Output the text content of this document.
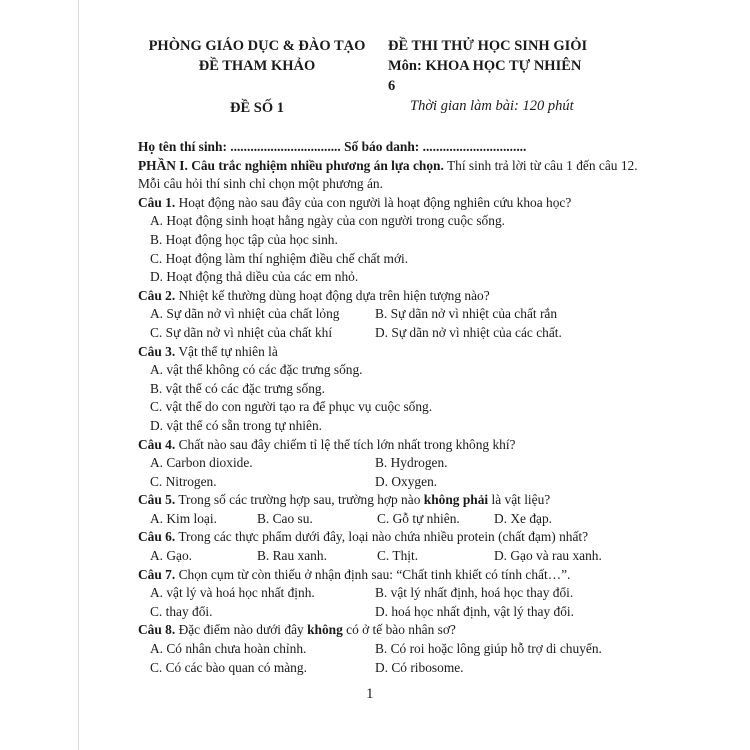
PHÒNG GIÁO DỤC & ĐÀO TẠO
ĐỀ THAM KHẢO
ĐỀ THI THỬ HỌC SINH GIỎI
Môn: KHOA HỌC TỰ NHIÊN 6
Thời gian làm bài: 120 phút
ĐỀ SỐ 1
Họ tên thí sinh: ................................. Số báo danh: ...............................
PHẦN I. Câu trắc nghiệm nhiều phương án lựa chọn. Thí sinh trả lời từ câu 1 đến câu 12.
Mỗi câu hỏi thí sinh chỉ chọn một phương án.
Câu 1. Hoạt động nào sau đây của con người là hoạt động nghiên cứu khoa học?
A. Hoạt động sinh hoạt hằng ngày của con người trong cuộc sống.
B. Hoạt động học tập của học sinh.
C. Hoạt động làm thí nghiệm điều chế chất mới.
D. Hoạt động thả diều của các em nhỏ.
Câu 2. Nhiệt kế thường dùng hoạt động dựa trên hiện tượng nào?
A. Sự dãn nở vì nhiệt của chất lỏng	B. Sự dãn nở vì nhiệt của chất rắn
C. Sự dãn nở vì nhiệt của chất khí	D. Sự dãn nở vì nhiệt của các chất.
Câu 3. Vật thể tự nhiên là
A. vật thể không có các đặc trưng sống.
B. vật thể có các đặc trưng sống.
C. vật thể do con người tạo ra để phục vụ cuộc sống.
D. vật thể có sẵn trong tự nhiên.
Câu 4. Chất nào sau đây chiếm tỉ lệ thể tích lớn nhất trong không khí?
A. Carbon dioxide.	B. Hydrogen.
C. Nitrogen.	D. Oxygen.
Câu 5. Trong số các trường hợp sau, trường hợp nào không phải là vật liệu?
A. Kim loại.	B. Cao su.	C. Gỗ tự nhiên.	D. Xe đạp.
Câu 6. Trong các thực phẩm dưới đây, loại nào chứa nhiều protein (chất đạm) nhất?
A. Gạo.	B. Rau xanh.	C. Thịt.	D. Gạo và rau xanh.
Câu 7. Chọn cụm từ còn thiếu ở nhận định sau: “Chất tinh khiết có tính chất…”.
A. vật lý và hoá học nhất định.	B. vật lý nhất định, hoá học thay đổi.
C. thay đổi.	D. hoá học nhất định, vật lý thay đổi.
Câu 8. Đặc điểm nào dưới đây không có ở tế bào nhân sơ?
A. Có nhân chưa hoàn chỉnh.	B. Có roi hoặc lông giúp hỗ trợ di chuyển.
C. Có các bào quan có màng.	D. Có ribosome.
1
